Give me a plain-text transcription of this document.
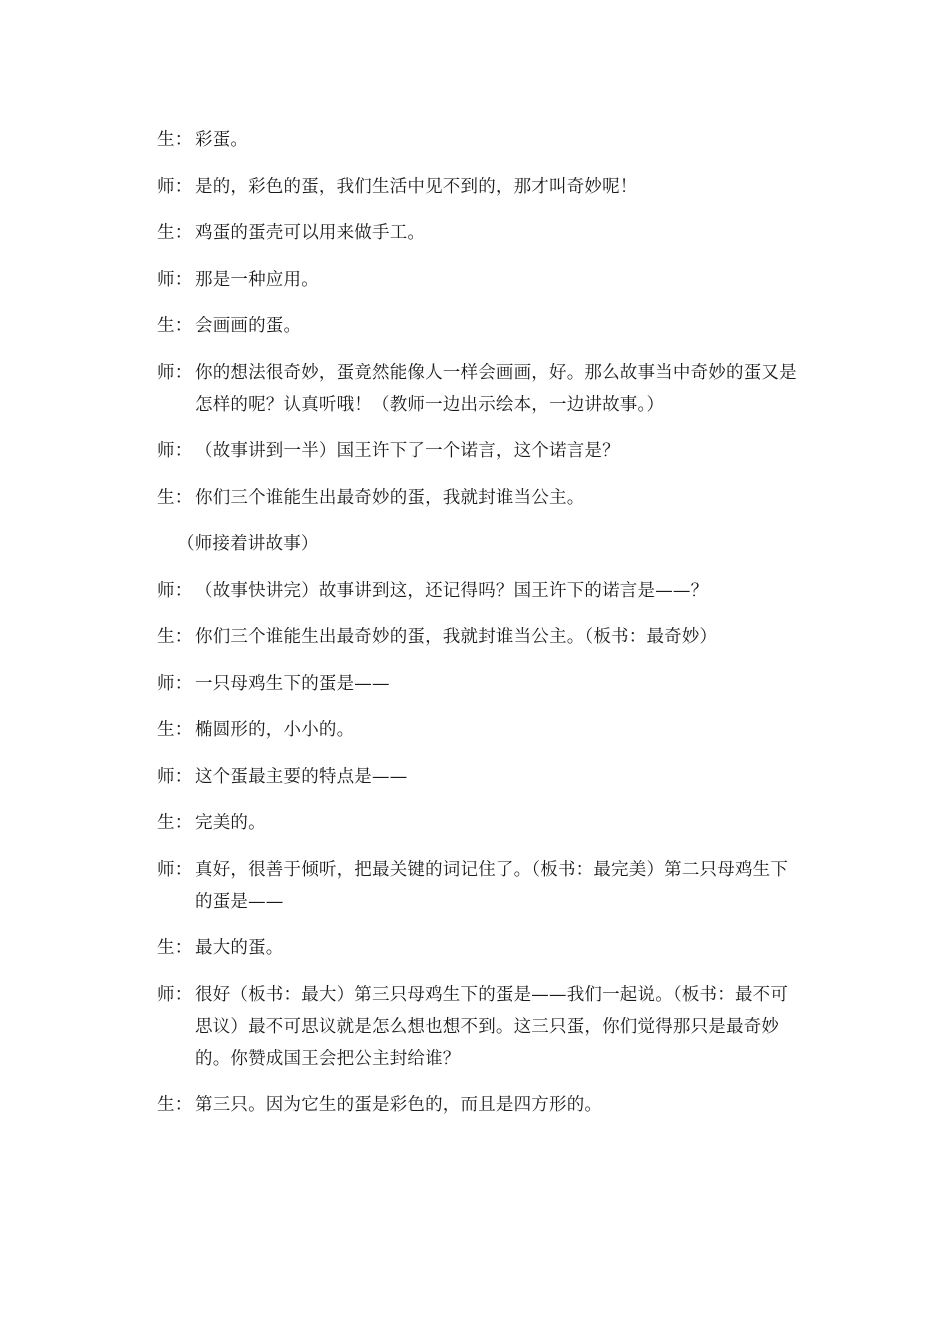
生： 彩蛋。

师： 是的，彩色的蛋，我们生活中见不到的，那才叫奇妙呢！

生： 鸡蛋的蛋壳可以用来做手工。

师： 那是一种应用。

生： 会画画的蛋。

师： 你的想法很奇妙，蛋竟然能像人一样会画画，好。那么故事当中奇妙的蛋又是怎样的呢？认真听哦！（教师一边出示绘本，一边讲故事。）

师： （故事讲到一半）国王许下了一个诺言，这个诺言是？

生： 你们三个谁能生出最奇妙的蛋，我就封谁当公主。

（师接着讲故事）

师： （故事快讲完）故事讲到这，还记得吗？国王许下的诺言是——？

生： 你们三个谁能生出最奇妙的蛋，我就封谁当公主。（板书：最奇妙）

师： 一只母鸡生下的蛋是——

生： 椭圆形的，小小的。

师： 这个蛋最主要的特点是——

生： 完美的。

师： 真好，很善于倾听，把最关键的词记住了。（板书：最完美）第二只母鸡生下的蛋是——

生： 最大的蛋。

师： 很好（板书：最大）第三只母鸡生下的蛋是——我们一起说。（板书：最不可思议）最不可思议就是怎么想也想不到。这三只蛋，你们觉得那只是最奇妙的。你赞成国王会把公主封给谁？

生： 第三只。因为它生的蛋是彩色的，而且是四方形的。
